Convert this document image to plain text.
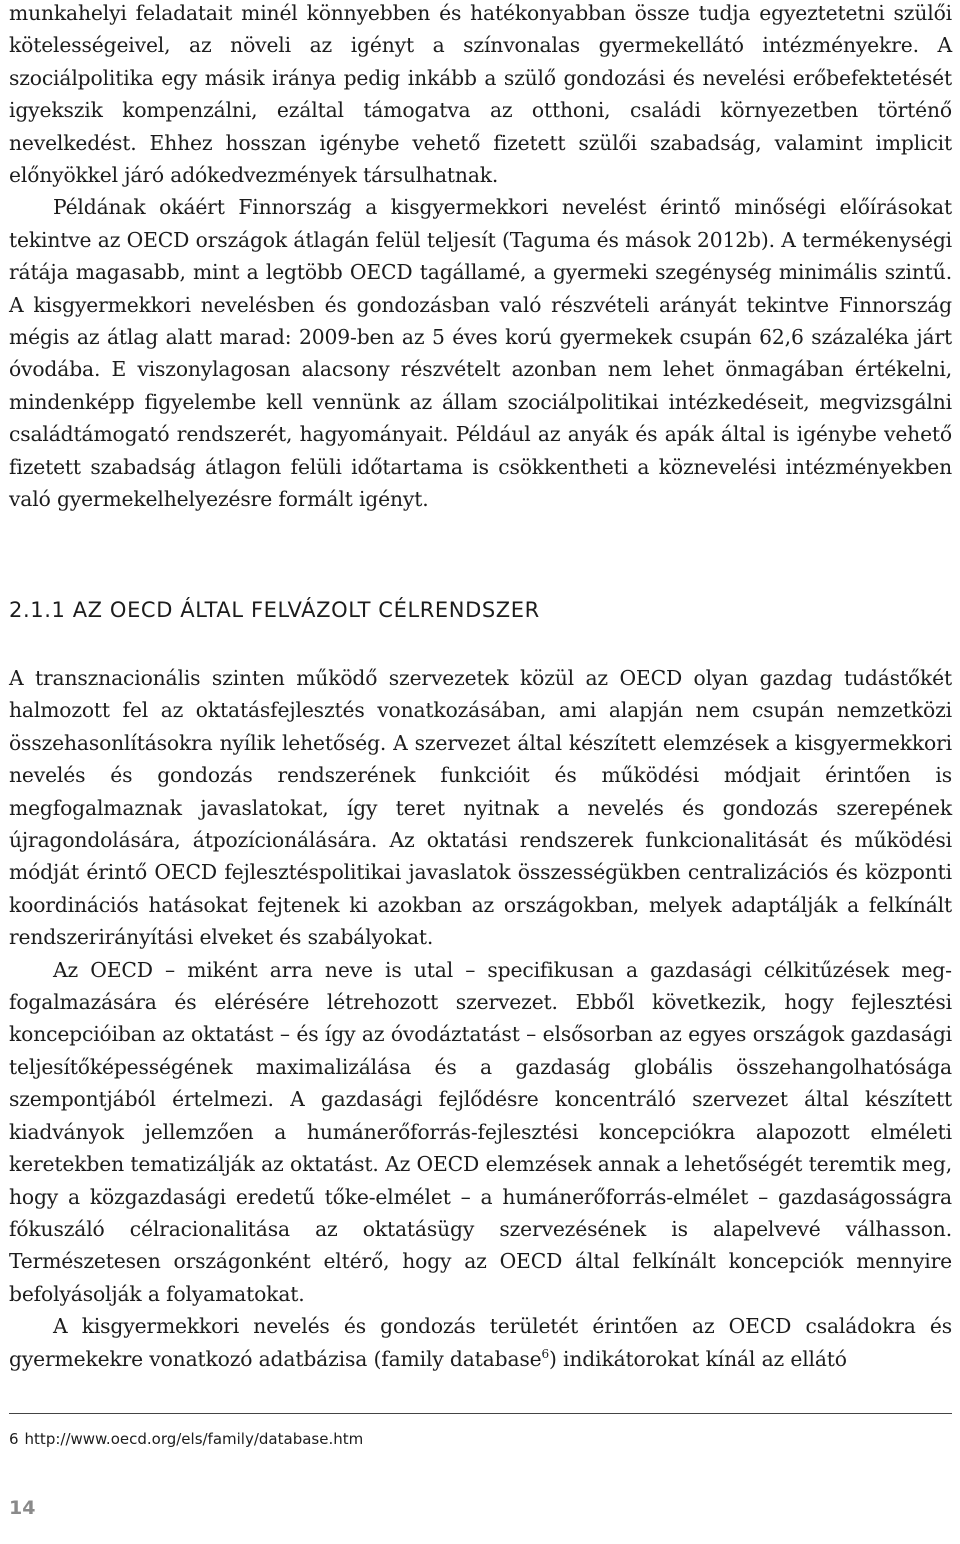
munkahelyi feladatait minél könnyebben és hatékonyabban össze tudja egyeztetetni szülői kötelességeivel, az növeli az igényt a színvonalas gyermekellátó intézményekre. A szociálpolitika egy másik iránya pedig inkább a szülő gondozási és nevelési erőbefektetését igyekszik kompenzálni, ezáltal támogatva az otthoni, családi környezetben történő nevelkedést. Ehhez hosszan igénybe vehető fizetett szülői szabadság, valamint implicit előnyökkel járó adókedvezmények társulhatnak.

Példának okáért Finnország a kisgyermekkori nevelést érintő minőségi előírásokat tekintve az OECD országok átlagán felül teljesít (Taguma és mások 2012b). A termékenységi rátája magasabb, mint a legtöbb OECD tagállamé, a gyermeki szegénység minimális szintű. A kisgyermekkori nevelésben és gondozásban való részvételi arányát tekintve Finnország mégis az átlag alatt marad: 2009-ben az 5 éves korú gyermekek csupán 62,6 százaléka járt óvodába. E viszonylagosan alacsony részvételt azonban nem lehet önmagában értékelni, mindenképp figyelembe kell vennünk az állam szociálpolitikai intézkedéseit, megvizsgálni családtámogató rendszerét, hagyományait. Például az anyák és apák által is igénybe vehető fizetett szabadság átlagon felüli időtartama is csökkentheti a köznevelési intézményekben való gyermekelhelyezésre formált igényt.

2.1.1 AZ OECD ÁLTAL FELVÁZOLT CÉLRENDSZER

A transznacionális szinten működő szervezetek közül az OECD olyan gazdag tudástőkét halmozott fel az oktatásfejlesztés vonatkozásában, ami alapján nem csupán nemzetközi összehasonlításokra nyílik lehetőség. A szervezet által készített elemzések a kisgyermekkori nevelés és gondozás rendszerének funkcióit és működési módjait érintően is megfogalmaznak javaslatokat, így teret nyitnak a nevelés és gondozás szerepének újragondolására, átpozícionálására. Az oktatási rendszerek funkcionalitását és működési módját érintő OECD fejlesztéspolitikai javaslatok összességükben centralizációs és központi koordinációs hatásokat fejtenek ki azokban az országokban, melyek adaptálják a felkínált rendszerirányítási elveket és szabályokat.

Az OECD – miként arra neve is utal – specifikusan a gazdasági célkitűzések megfogalmazására és elérésére létrehozott szervezet. Ebből következik, hogy fejlesztési koncepcióiban az oktatást – és így az óvodáztatást – elsősorban az egyes országok gazdasági teljesítőképességének maximalizálása és a gazdaság globális összehangolhatósága szempontjából értelmezi. A gazdasági fejlődésre koncentráló szervezet által készített kiadványok jellemzően a humánerőforrás-fejlesztési koncepciókra alapozott elméleti keretekben tematizálják az oktatást. Az OECD elemzések annak a lehetőségét teremtik meg, hogy a közgazdasági eredetű tőke-elmélet – a humánerőforrás-elmélet – gazdaságosságra fókuszáló célracionalitása az oktatásügy szervezésének is alapelvevé válhasson. Természetesen országonként eltérő, hogy az OECD által felkínált koncepciók mennyire befolyásolják a folyamatokat.

A kisgyermekkori nevelés és gondozás területét érintően az OECD családokra és gyermekekre vonatkozó adatbázisa (family database$^6$) indikátorokat kínál az ellátó

6 http://www.oecd.org/els/family/database.htm
14
